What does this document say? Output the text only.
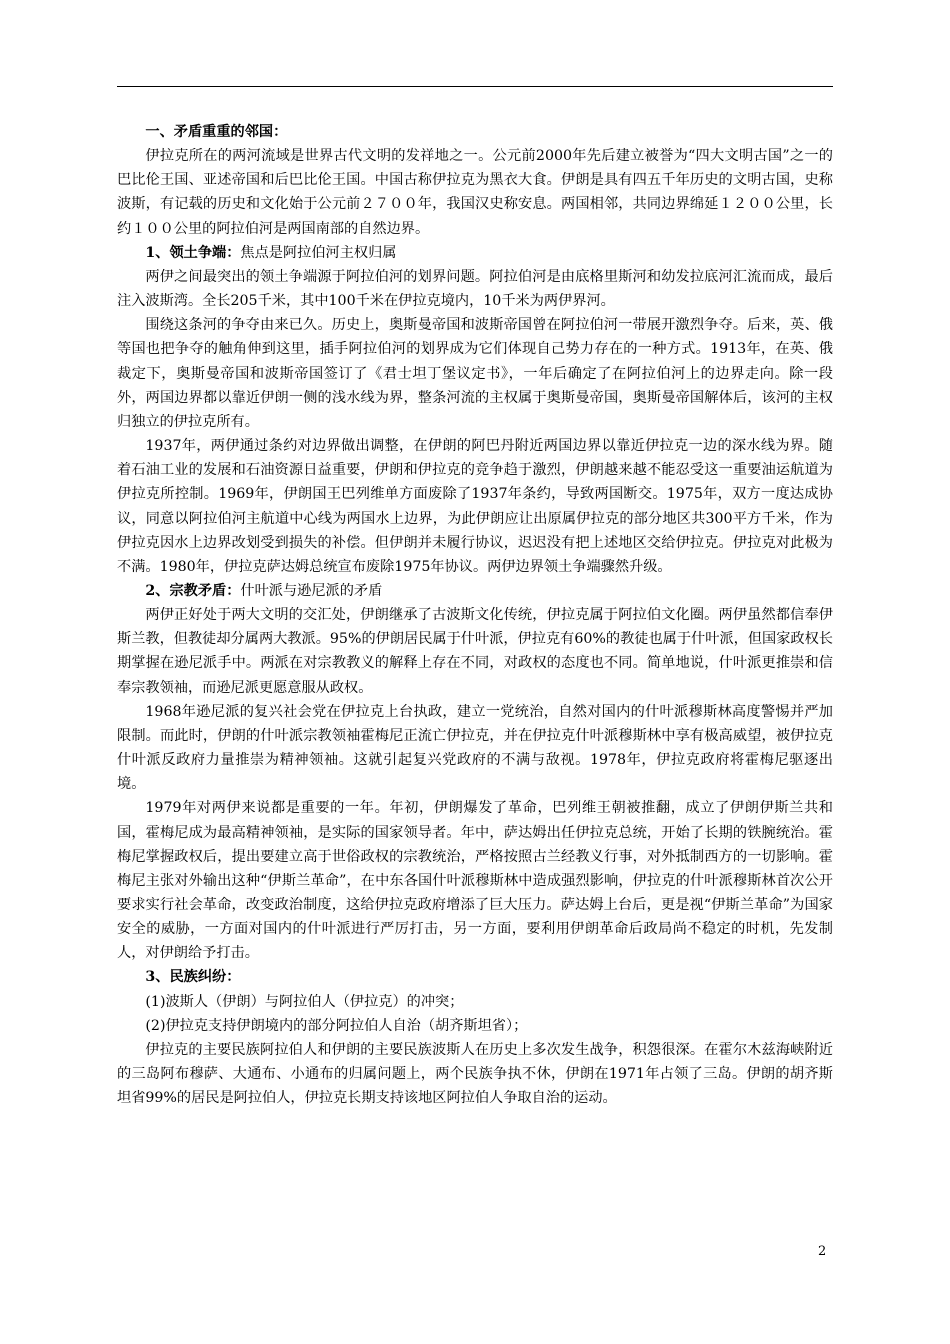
一、矛盾重重的邻国：

伊拉克所在的两河流域是世界古代文明的发祥地之一。公元前2000年先后建立被誉为“四大文明古国”之一的巴比伦王国、亚述帝国和后巴比伦王国。中国古称伊拉克为黑衣大食。伊朗是具有四五千年历史的文明古国，史称波斯，有记载的历史和文化始于公元前２７００年，我国汉史称安息。两国相邻，共同边界绵延１２００公里，长约１００公里的阿拉伯河是两国南部的自然边界。

1、领土争端：焦点是阿拉伯河主权归属

两伊之间最突出的领土争端源于阿拉伯河的划界问题。阿拉伯河是由底格里斯河和幼发拉底河汇流而成，最后注入波斯湾。全长205千米，其中100千米在伊拉克境内，10千米为两伊界河。

围绕这条河的争夺由来已久。历史上，奥斯曼帝国和波斯帝国曾在阿拉伯河一带展开激烈争夺。后来，英、俄等国也把争夺的触角伸到这里，插手阿拉伯河的划界成为它们体现自己势力存在的一种方式。1913年，在英、俄裁定下，奥斯曼帝国和波斯帝国签订了《君士坦丁堡议定书》，一年后确定了在阿拉伯河上的边界走向。除一段外，两国边界都以靠近伊朗一侧的浅水线为界，整条河流的主权属于奥斯曼帝国，奥斯曼帝国解体后，该河的主权归独立的伊拉克所有。

1937年，两伊通过条约对边界做出调整，在伊朗的阿巴丹附近两国边界以靠近伊拉克一边的深水线为界。随着石油工业的发展和石油资源日益重要，伊朗和伊拉克的竞争趋于激烈，伊朗越来越不能忍受这一重要油运航道为伊拉克所控制。1969年，伊朗国王巴列维单方面废除了1937年条约，导致两国断交。1975年，双方一度达成协议，同意以阿拉伯河主航道中心线为两国水上边界，为此伊朗应让出原属伊拉克的部分地区共300平方千米，作为伊拉克因水上边界改划受到损失的补偿。但伊朗并未履行协议，迟迟没有把上述地区交给伊拉克。伊拉克对此极为不满。1980年，伊拉克萨达姆总统宣布废除1975年协议。两伊边界领土争端骤然升级。

2、宗教矛盾：什叶派与逊尼派的矛盾

两伊正好处于两大文明的交汇处，伊朗继承了古波斯文化传统，伊拉克属于阿拉伯文化圈。两伊虽然都信奉伊斯兰教，但教徒却分属两大教派。95%的伊朗居民属于什叶派，伊拉克有60%的教徒也属于什叶派，但国家政权长期掌握在逊尼派手中。两派在对宗教教义的解释上存在不同，对政权的态度也不同。简单地说，什叶派更推崇和信奉宗教领袖，而逊尼派更愿意服从政权。

1968年逊尼派的复兴社会党在伊拉克上台执政，建立一党统治，自然对国内的什叶派穆斯林高度警惕并严加限制。而此时，伊朗的什叶派宗教领袖霍梅尼正流亡伊拉克，并在伊拉克什叶派穆斯林中享有极高威望，被伊拉克什叶派反政府力量推崇为精神领袖。这就引起复兴党政府的不满与敌视。1978年，伊拉克政府将霍梅尼驱逐出境。

1979年对两伊来说都是重要的一年。年初，伊朗爆发了革命，巴列维王朝被推翻，成立了伊朗伊斯兰共和国，霍梅尼成为最高精神领袖，是实际的国家领导者。年中，萨达姆出任伊拉克总统，开始了长期的铁腕统治。霍梅尼掌握政权后，提出要建立高于世俗政权的宗教统治，严格按照古兰经教义行事，对外抵制西方的一切影响。霍梅尼主张对外输出这种“伊斯兰革命”，在中东各国什叶派穆斯林中造成强烈影响，伊拉克的什叶派穆斯林首次公开要求实行社会革命，改变政治制度，这给伊拉克政府增添了巨大压力。萨达姆上台后，更是视“伊斯兰革命”为国家安全的威胁，一方面对国内的什叶派进行严厉打击，另一方面，要利用伊朗革命后政局尚不稳定的时机，先发制人，对伊朗给予打击。

3、民族纠纷：

(1)波斯人（伊朗）与阿拉伯人（伊拉克）的冲突；

(2)伊拉克支持伊朗境内的部分阿拉伯人自治（胡齐斯坦省）；

伊拉克的主要民族阿拉伯人和伊朗的主要民族波斯人在历史上多次发生战争，积怨很深。在霍尔木兹海峡附近的三岛阿布穆萨、大通布、小通布的归属问题上，两个民族争执不休，伊朗在1971年占领了三岛。伊朗的胡齐斯坦省99%的居民是阿拉伯人，伊拉克长期支持该地区阿拉伯人争取自治的运动。

2
